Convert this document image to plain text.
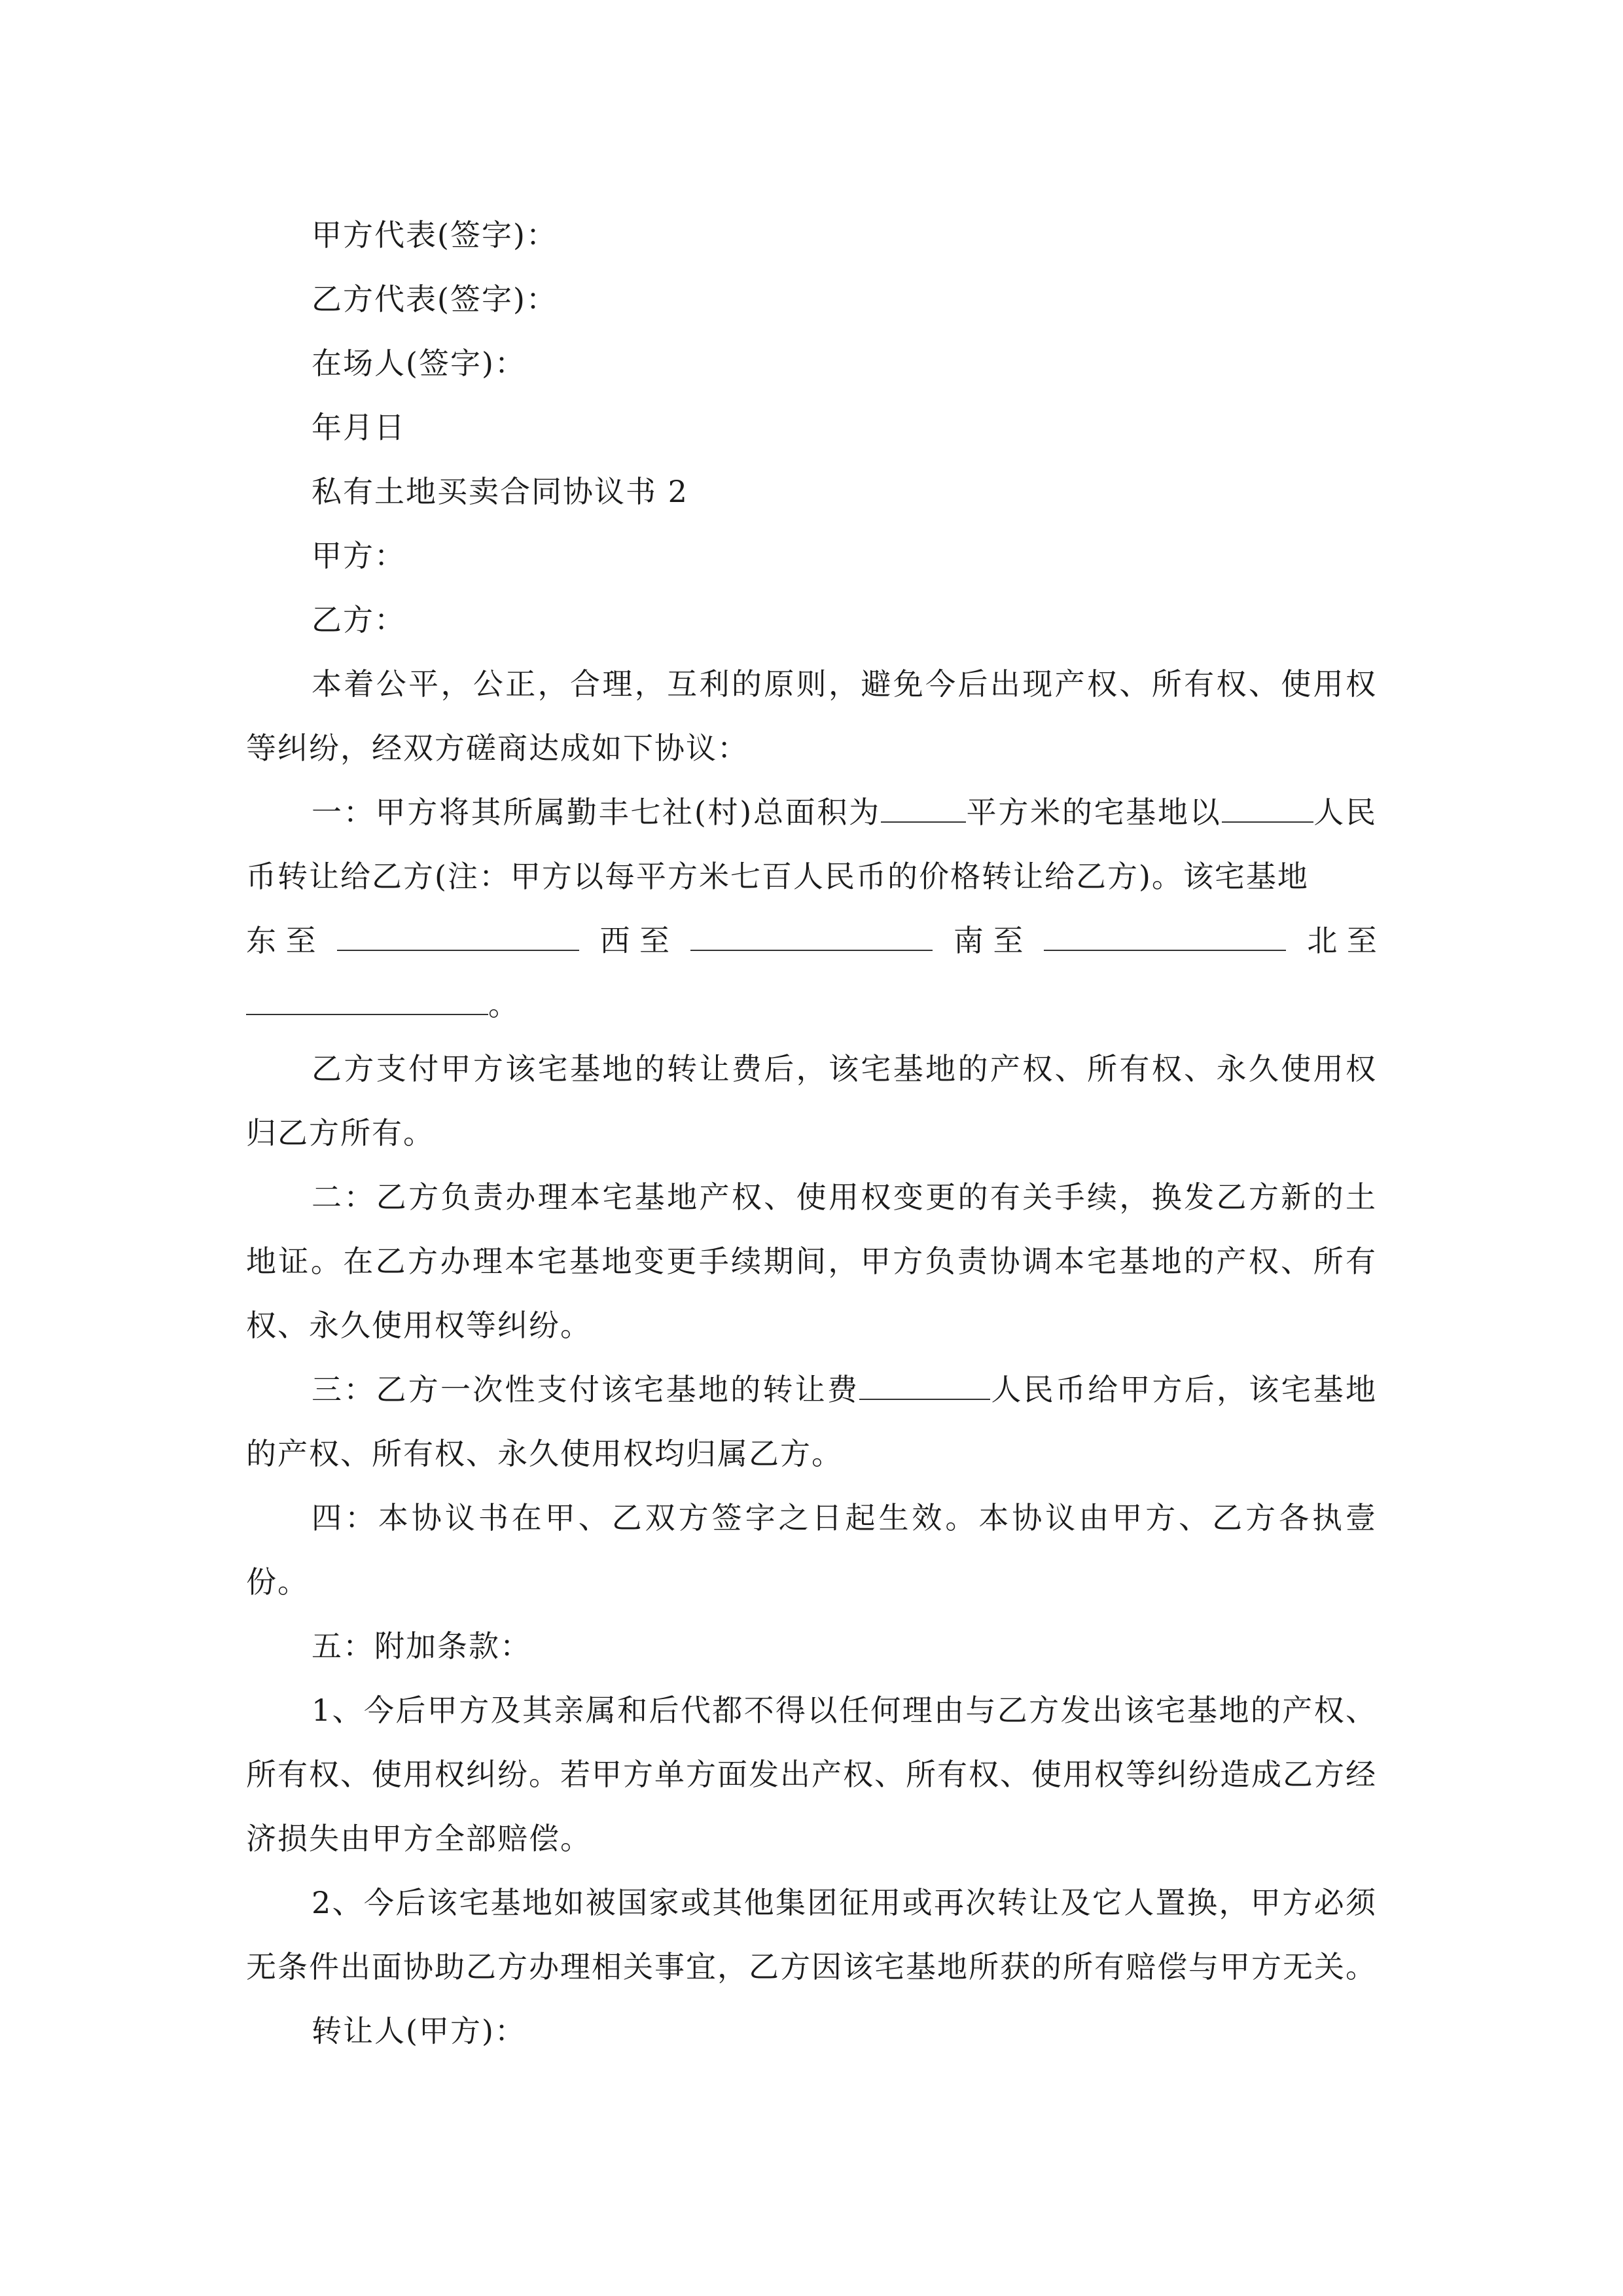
甲方代表(签字)：
乙方代表(签字)：
在场人(签字)：
年月日
私有土地买卖合同协议书 2
甲方：
乙方：

本着公平，公正，合理，互利的原则，避免今后出现产权、所有权、使用权等纠纷，经双方磋商达成如下协议：

一：甲方将其所属勤丰七社(村)总面积为	平方米的宅基地以	人民币转让给乙方(注：甲方以每平方米七百人民币的价格转让给乙方)。该宅基地

东 至	西 至	南 至	北 至
。

乙方支付甲方该宅基地的转让费后，该宅基地的产权、所有权、永久使用权归乙方所有。

二：乙方负责办理本宅基地产权、使用权变更的有关手续，换发乙方新的土地证。在乙方办理本宅基地变更手续期间，甲方负责协调本宅基地的产权、所有权、永久使用权等纠纷。

三：乙方一次性支付该宅基地的转让费	人民币给甲方后，该宅基地的产权、所有权、永久使用权均归属乙方。

四：本协议书在甲、乙双方签字之日起生效。本协议由甲方、乙方各执壹份。

五：附加条款：

1、今后甲方及其亲属和后代都不得以任何理由与乙方发出该宅基地的产权、所有权、使用权纠纷。若甲方单方面发出产权、所有权、使用权等纠纷造成乙方经济损失由甲方全部赔偿。

2、今后该宅基地如被国家或其他集团征用或再次转让及它人置换，甲方必须无条件出面协助乙方办理相关事宜，乙方因该宅基地所获的所有赔偿与甲方无关。

转让人(甲方)：
